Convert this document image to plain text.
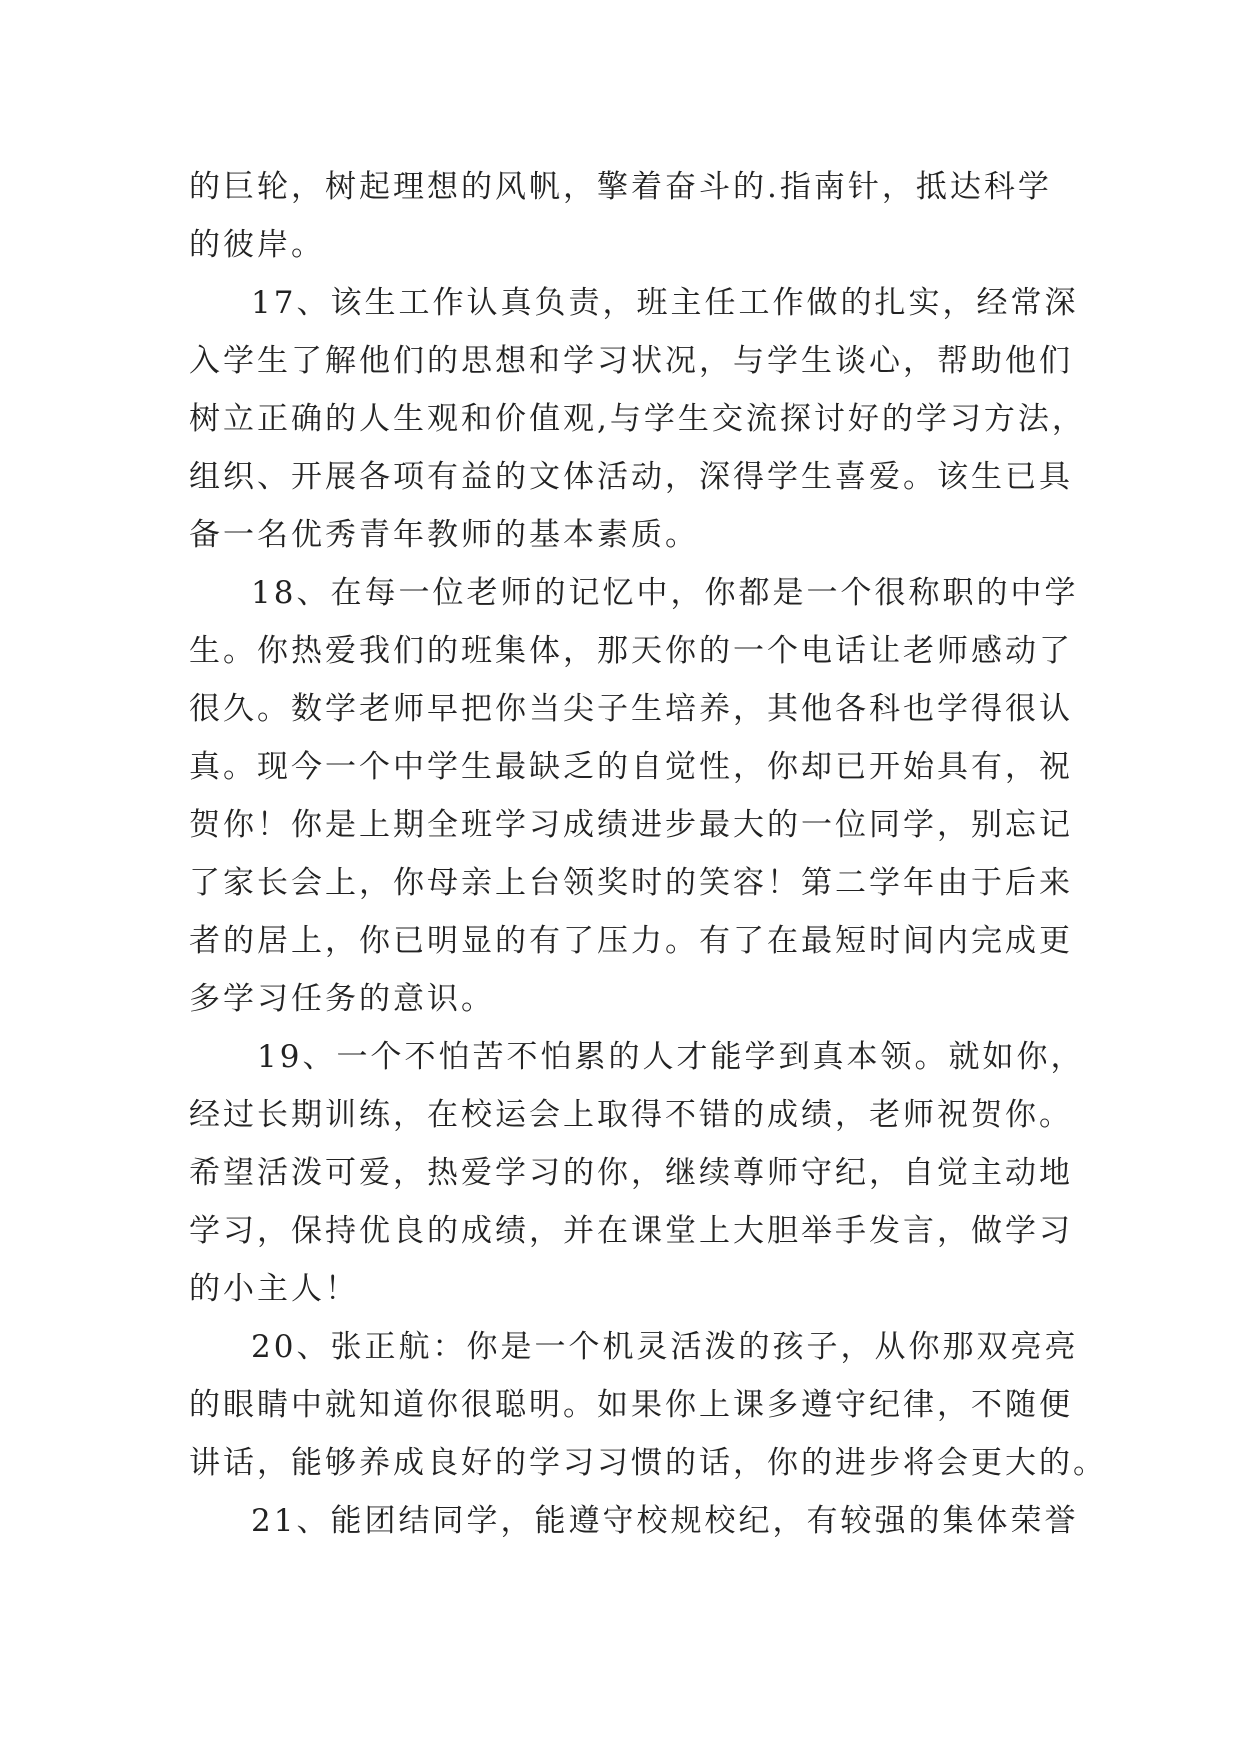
的巨轮，树起理想的风帆，擎着奋斗的.指南针，抵达科学
的彼岸。
17、该生工作认真负责，班主任工作做的扎实，经常深
入学生了解他们的思想和学习状况，与学生谈心，帮助他们
树立正确的人生观和价值观,与学生交流探讨好的学习方法，
组织、开展各项有益的文体活动，深得学生喜爱。该生已具
备一名优秀青年教师的基本素质。
18、在每一位老师的记忆中，你都是一个很称职的中学
生。你热爱我们的班集体，那天你的一个电话让老师感动了
很久。数学老师早把你当尖子生培养，其他各科也学得很认
真。现今一个中学生最缺乏的自觉性，你却已开始具有，祝
贺你！你是上期全班学习成绩进步最大的一位同学，别忘记
了家长会上，你母亲上台领奖时的笑容！第二学年由于后来
者的居上，你已明显的有了压力。有了在最短时间内完成更
多学习任务的意识。
19、一个不怕苦不怕累的人才能学到真本领。就如你，
经过长期训练，在校运会上取得不错的成绩，老师祝贺你。
希望活泼可爱，热爱学习的你，继续尊师守纪，自觉主动地
学习，保持优良的成绩，并在课堂上大胆举手发言，做学习
的小主人！
20、张正航：你是一个机灵活泼的孩子，从你那双亮亮
的眼睛中就知道你很聪明。如果你上课多遵守纪律，不随便
讲话，能够养成良好的学习习惯的话，你的进步将会更大的。
21、能团结同学，能遵守校规校纪，有较强的集体荣誉
